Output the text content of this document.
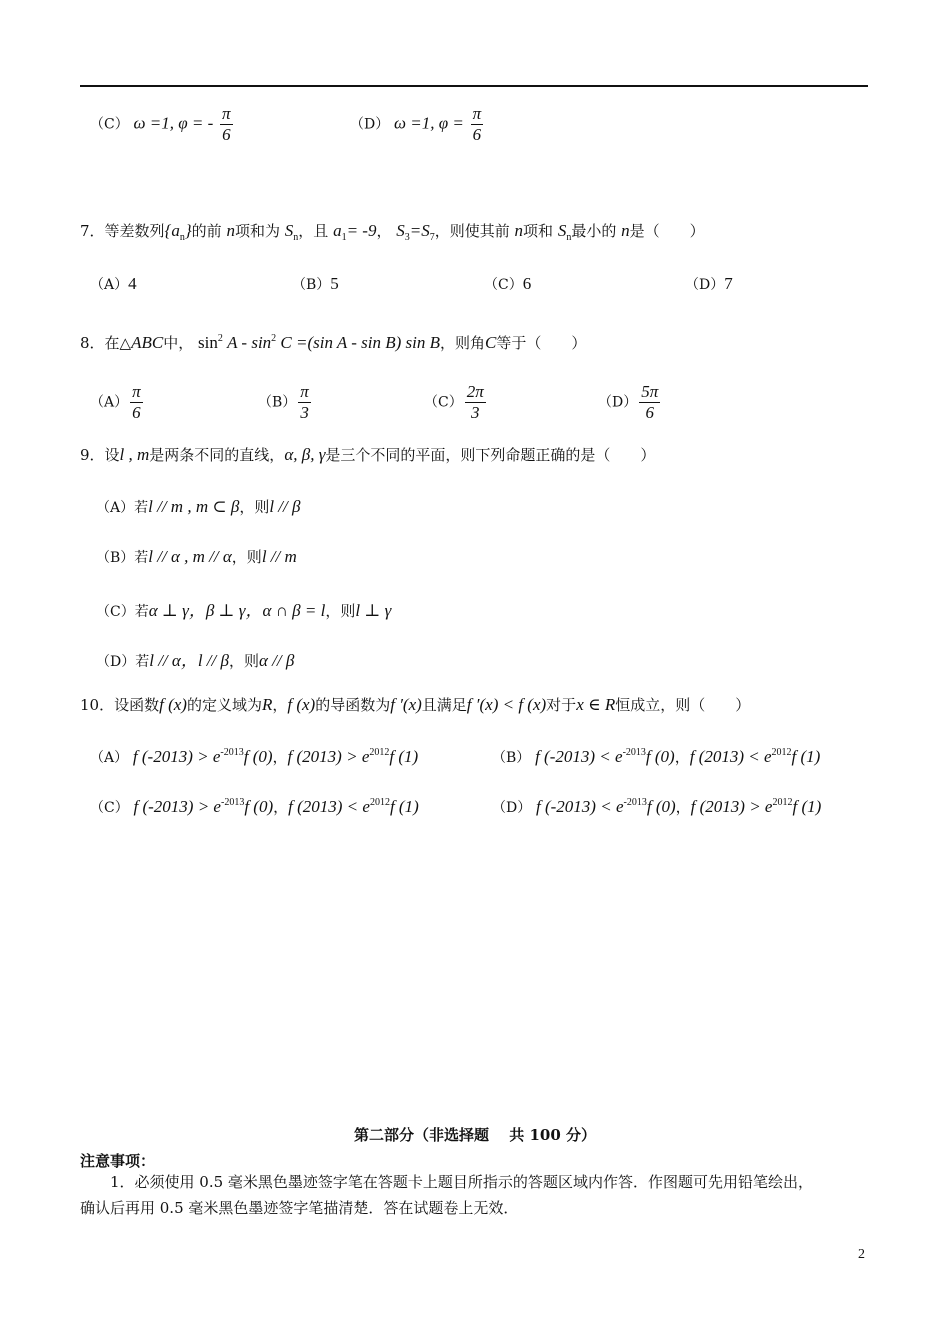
（C） ω =1, φ = - $\frac{\pi}{6}$	（D） ω =1, $\varphi = \frac{\pi}{6}$
7．等差数列$\{a_n\}$的前 n项和为 $S_n$，且 $a_1= -9$， $S_3=S_7$，则使其前 n项和 $S_n$最小的 n是（　　）
（A）4	（B）5	（C）6	（D）7
8．在△ABC中， $\sin^2 A - \sin^2 C =(\sin$ A - sin B) sin B，则角C等于（　　）
$(A) \frac{\pi}{6}$	$(B) \frac{\pi}{3}$	$(C) \frac{2\pi}{3}$	$(D) \frac{5\pi}{6}$
9．设l , m是两条不同的直线，α, β, γ是三个不同的平面，则下列命题正确的是（　　）
（A）若l // m , m ⊂ β，则l // β
（B）若l // α , m // α，则l // m
（C）若α ⊥ γ，β ⊥ γ，α ∩ β = l，则l ⊥ γ
（D）若l // α，l // β，则α // β
10．设函数f (x)的定义域为R，f (x)的导函数为f ′(x)且满足f ′(x) < f (x)对于x ∈ R恒成立，则（　　）
（A） f $(-2013) > e^{-2013}f$ (0)，f $(2013) > e^{2012}f$ (1)	（B） f $(-2013) < e^{-2013}f$ (0)，f $(2013) < e^{2012}f$ (1)
（C） f $(-2013) > e^{-2013}f$ (0)，f $(2013) < e^{2012}f$ (1)	（D） f $(-2013) < e^{-2013}f$ (0)，f $(2013) > e^{2012}f$ (1)
第二部分（非选择题　 共 100 分）
注意事项：
　　1．必须使用 0.5 毫米黑色墨迹签字笔在答题卡上题目所指示的答题区域内作答．作图题可先用铅笔绘出，
确认后再用 0.5 毫米黑色墨迹签字笔描清楚．答在试题卷上无效．
2
